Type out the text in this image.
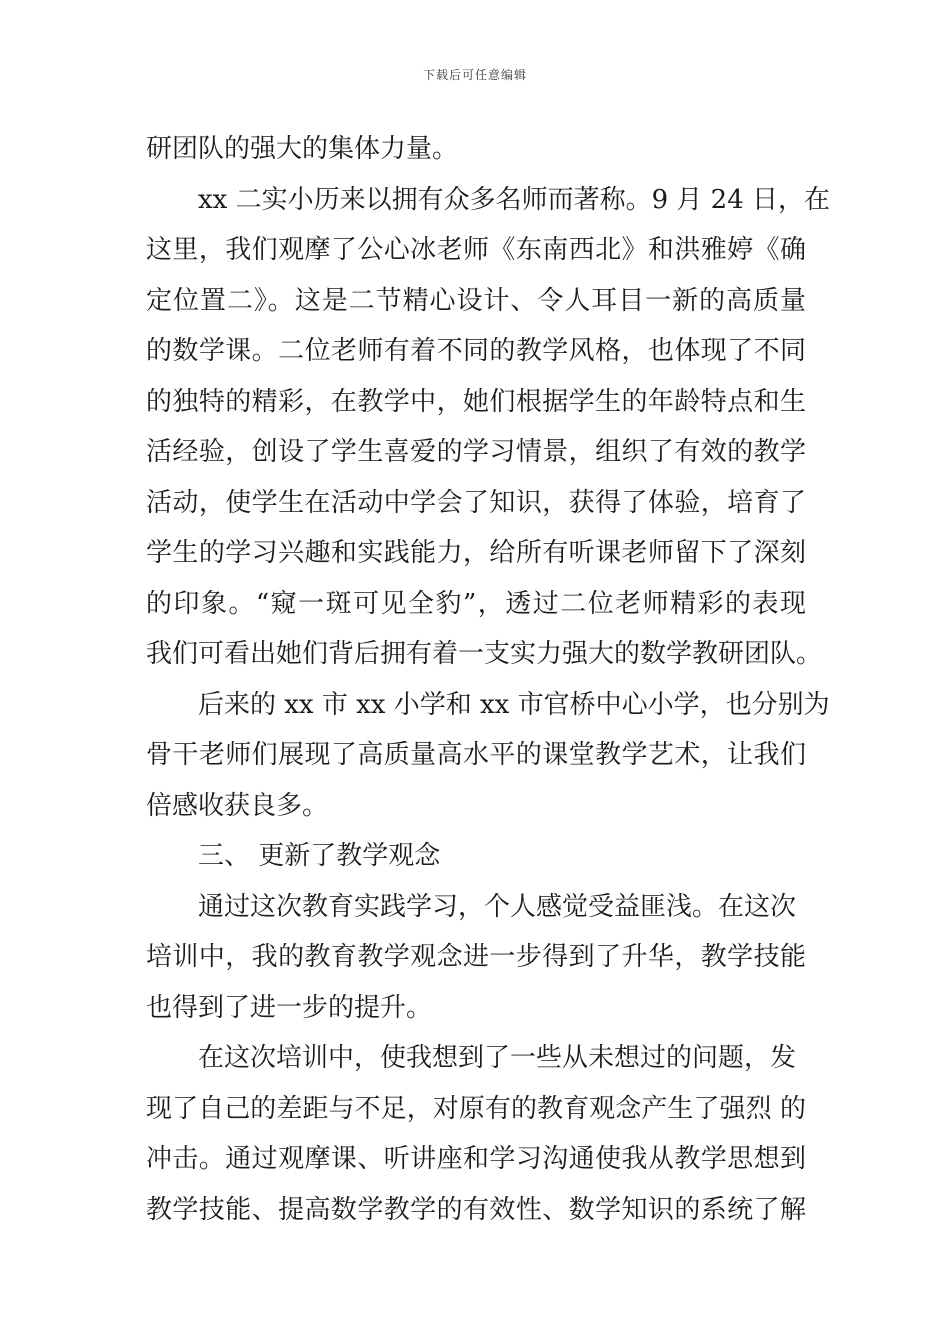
下载后可任意编辑
研团队的强大的集体力量。
xx 二实小历来以拥有众多名师而著称。9 月 24 日，在
这里，我们观摩了公心冰老师《东南西北》和洪雅婷《确
定位置二》。这是二节精心设计、令人耳目一新的高质量
的数学课。二位老师有着不同的教学风格，也体现了不同
的独特的精彩，在教学中，她们根据学生的年龄特点和生
活经验，创设了学生喜爱的学习情景，组织了有效的教学
活动，使学生在活动中学会了知识，获得了体验，培育了
学生的学习兴趣和实践能力，给所有听课老师留下了深刻
的印象。“窥一斑可见全豹”，透过二位老师精彩的表现
我们可看出她们背后拥有着一支实力强大的数学教研团队。
后来的 xx 市 xx 小学和 xx 市官桥中心小学，也分别为
骨干老师们展现了高质量高水平的课堂教学艺术，让我们
倍感收获良多。
三、 更新了教学观念
通过这次教育实践学习，个人感觉受益匪浅。在这次
培训中，我的教育教学观念进一步得到了升华，教学技能
也得到了进一步的提升。
在这次培训中，使我想到了一些从未想过的问题，发
现了自己的差距与不足，对原有的教育观念产生了强烈 的
冲击。通过观摩课、听讲座和学习沟通使我从教学思想到
教学技能、提高数学教学的有效性、数学知识的系统了解
